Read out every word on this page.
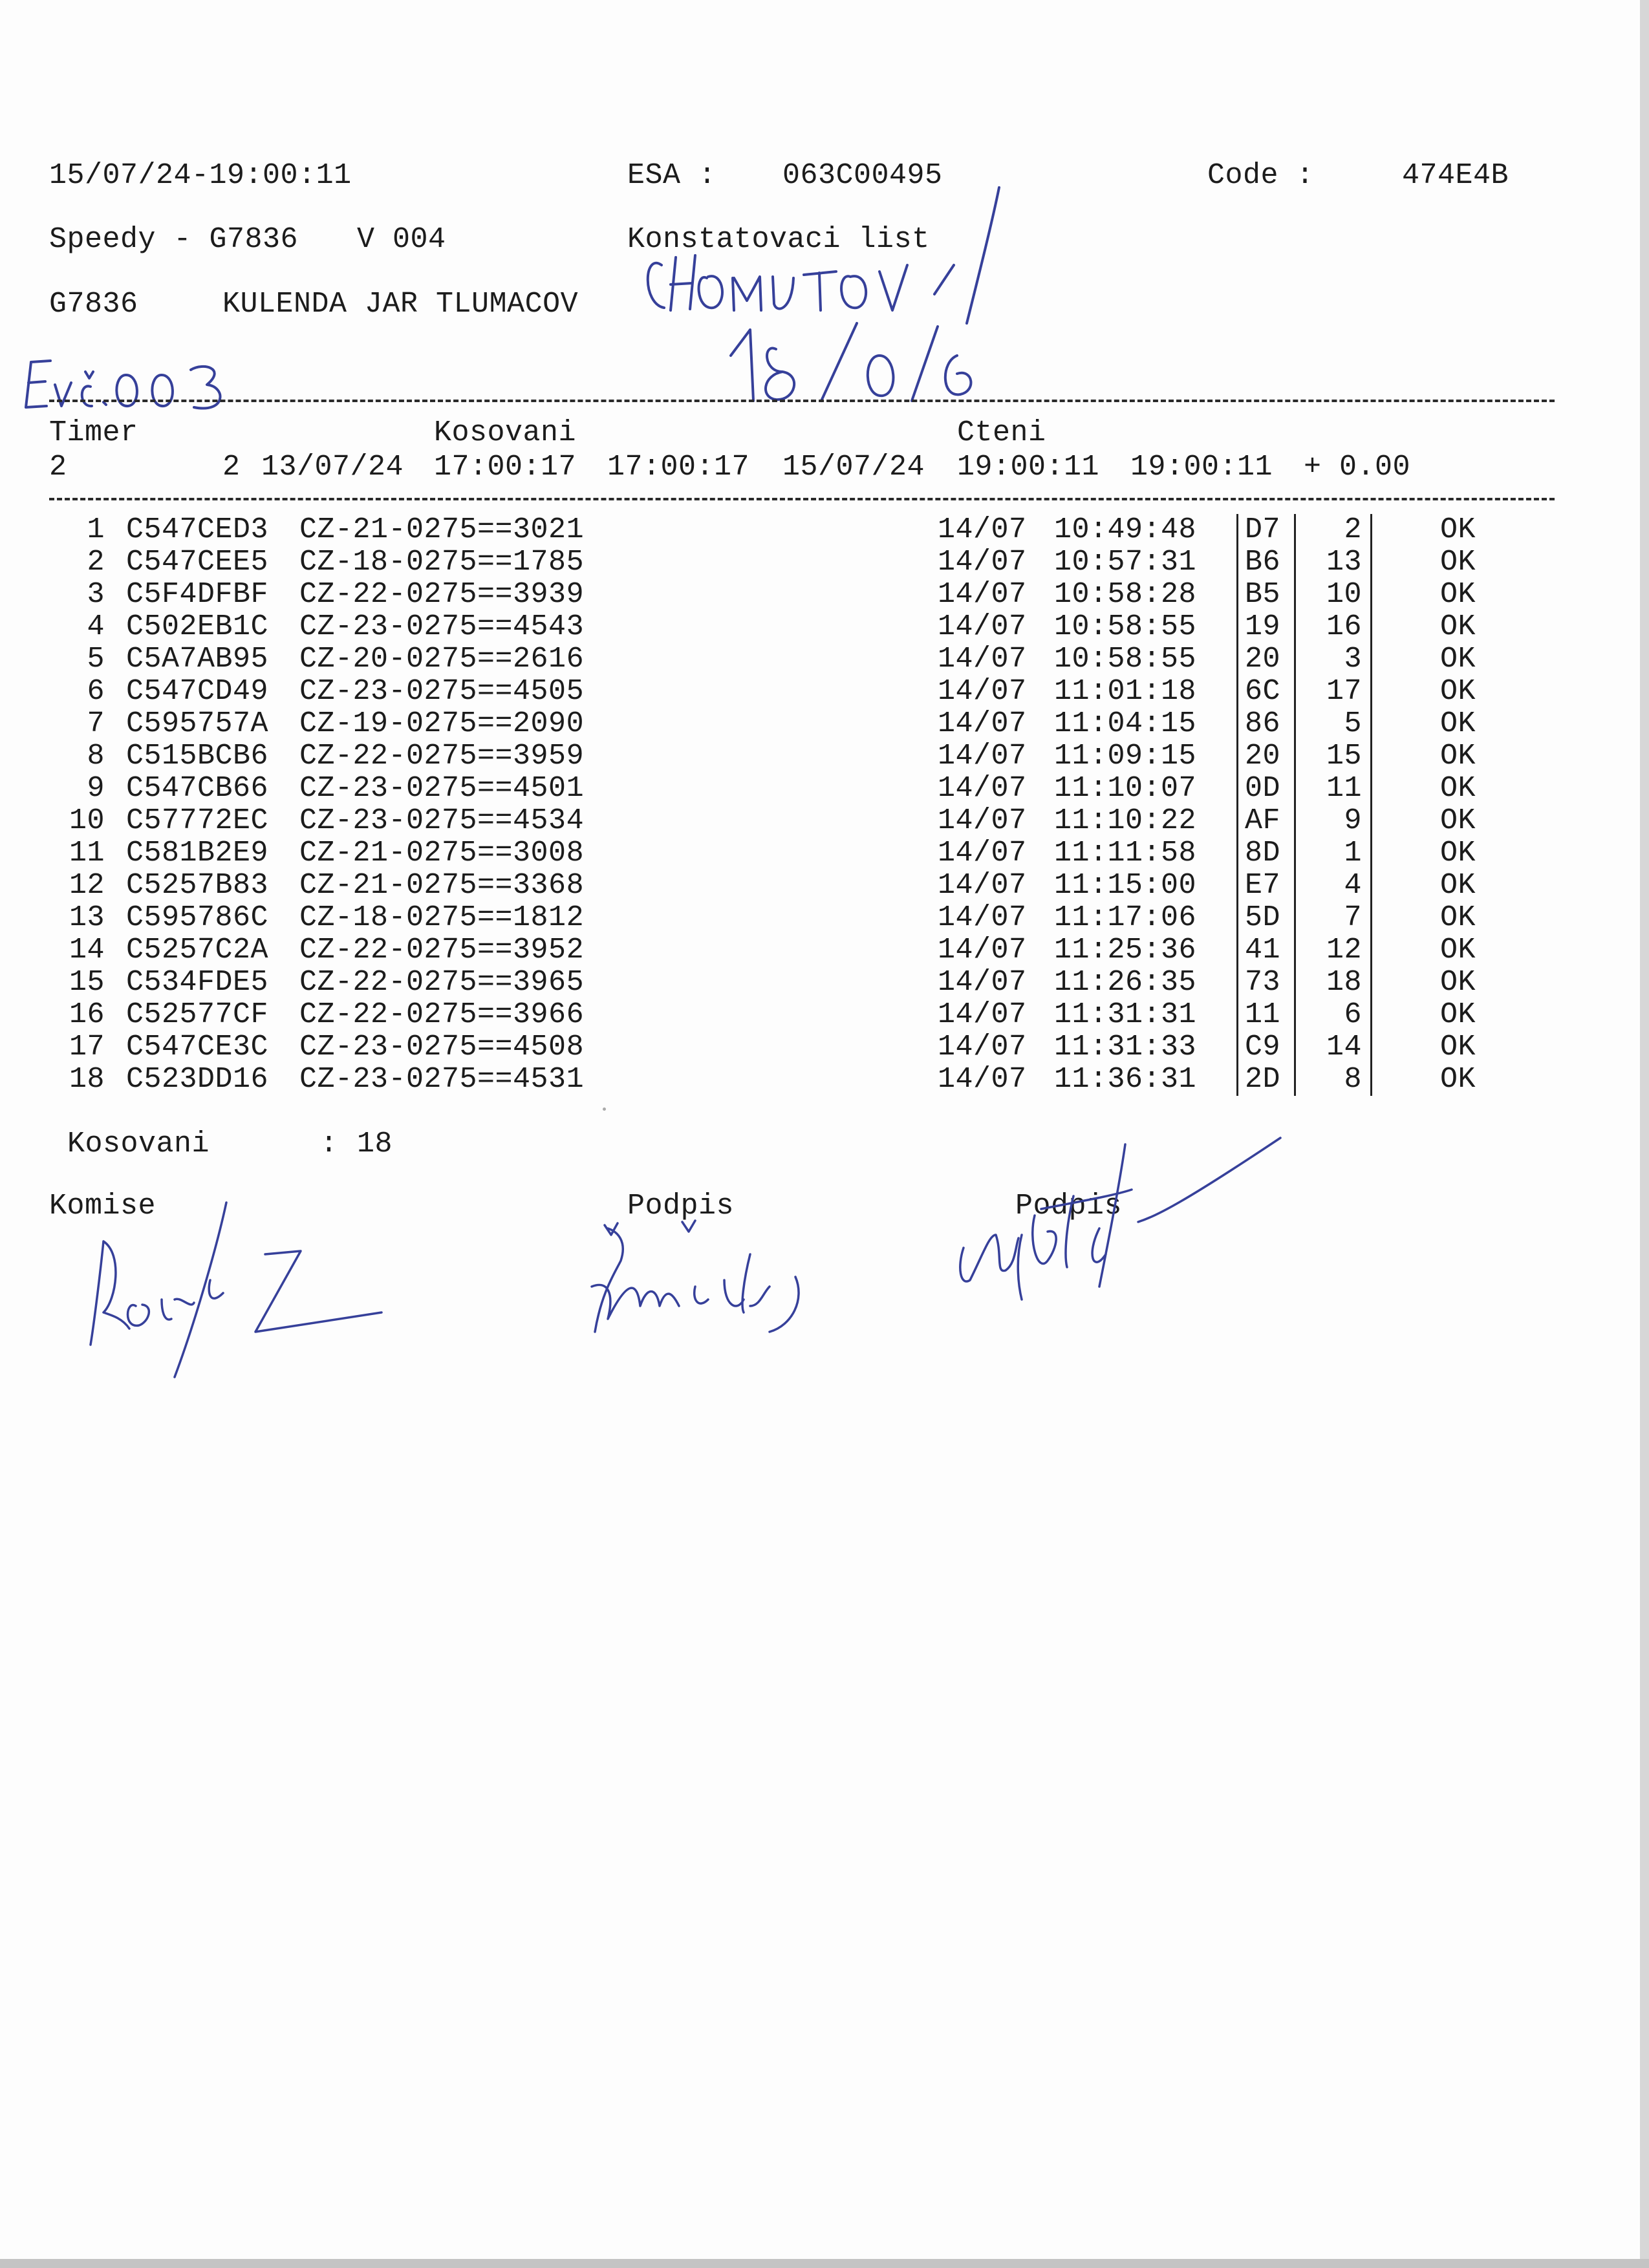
15/07/24-19:00:11	ESA : 063C00495	Code :	474E4B
Speedy - G7836 V 004	Konstatovaci list
G7836	KULENDA JAR TLUMACOV
Timer	Kosovani	Cteni
2	2 13/07/24 17:00:17 17:00:17 15/07/24 19:00:11 19:00:11 + 0.00
1 C547CED3 CZ-21-0275==3021	14/07 10:49:48 D7	2	OK
2 C547CEE5 CZ-18-0275==1785	14/07 10:57:31 B6	13	OK
3 C5F4DFBF CZ-22-0275==3939	14/07 10:58:28 B5	10	OK
4 C502EB1C CZ-23-0275==4543	14/07 10:58:55 19	16	OK
5 C5A7AB95 CZ-20-0275==2616	14/07 10:58:55 20	3	OK
6 C547CD49 CZ-23-0275==4505	14/07 11:01:18 6C	17	OK
7 C595757A CZ-19-0275==2090	14/07 11:04:15 86	5	OK
8 C515BCB6 CZ-22-0275==3959	14/07 11:09:15 20	15	OK
9 C547CB66 CZ-23-0275==4501	14/07 11:10:07 0D	11	OK
10 C57772EC CZ-23-0275==4534	14/07 11:10:22 AF	9	OK
11 C581B2E9 CZ-21-0275==3008	14/07 11:11:58 8D	1	OK
12 C5257B83 CZ-21-0275==3368	14/07 11:15:00 E7	4	OK
13 C595786C CZ-18-0275==1812	14/07 11:17:06 5D	7	OK
14 C5257C2A CZ-22-0275==3952	14/07 11:25:36 41	12	OK
15 C534FDE5 CZ-22-0275==3965	14/07 11:26:35 73	18	OK
16 C52577CF CZ-22-0275==3966	14/07 11:31:31 11	6	OK
17 C547CE3C CZ-23-0275==4508	14/07 11:31:33 C9	14	OK
18 C523DD16 CZ-23-0275==4531	14/07 11:36:31 2D	8	OK
Kosovani	: 18
Komise	Podpis	Podpis
